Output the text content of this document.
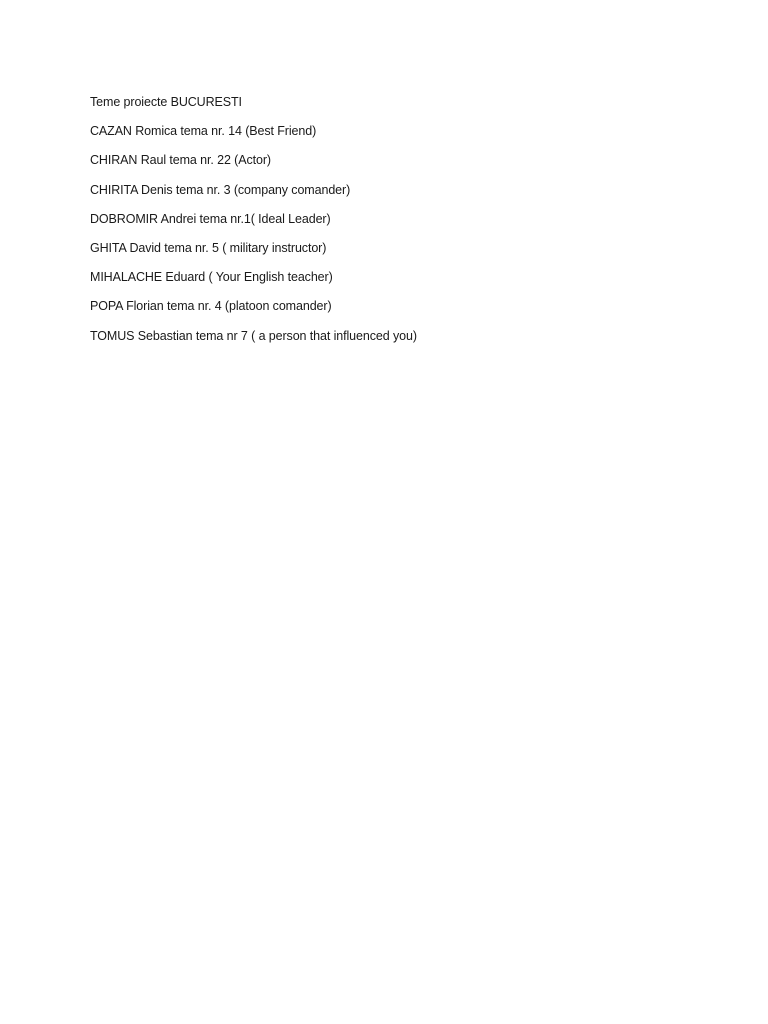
Teme proiecte BUCURESTI

CAZAN Romica tema nr. 14 (Best Friend)

CHIRAN Raul tema nr. 22 (Actor)

CHIRITA Denis tema nr. 3 (company comander)

DOBROMIR Andrei tema nr.1( Ideal Leader)

GHITA David tema nr. 5 ( military instructor)

MIHALACHE Eduard ( Your English teacher)

POPA Florian tema nr. 4 (platoon comander)

TOMUS Sebastian tema nr 7 ( a person that influenced you)
